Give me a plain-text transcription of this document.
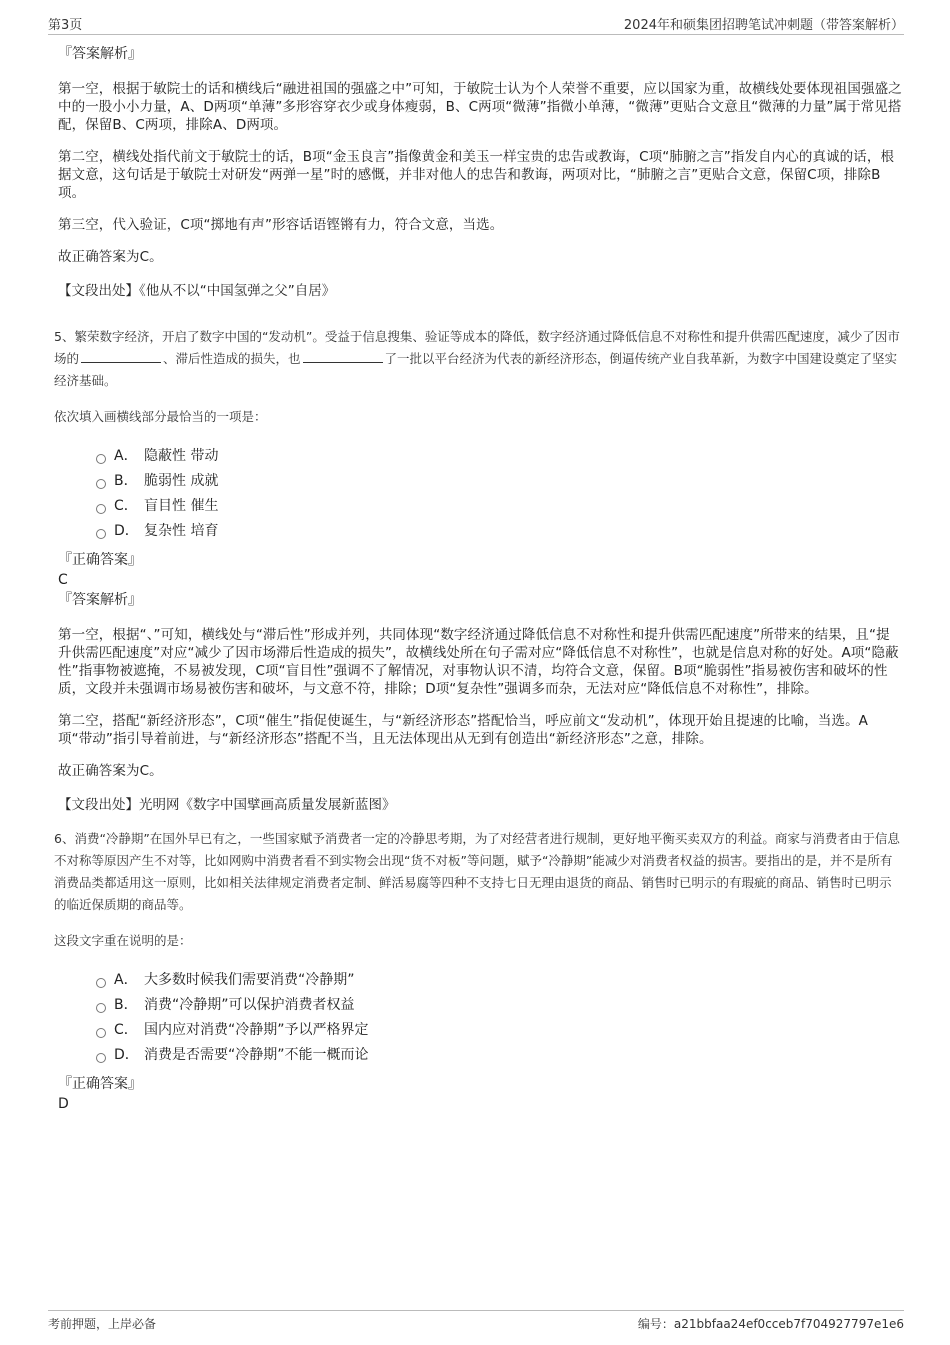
第3页	2024年和硕集团招聘笔试冲刺题（带答案解析）
『答案解析』
第一空，根据于敏院士的话和横线后“融进祖国的强盛之中”可知，于敏院士认为个人荣誉不重要，应以国家为重，故横线处要体现祖国强盛之中的一股小小力量，A、D两项“单薄”多形容穿衣少或身体瘦弱，B、C两项“微薄”指微小单薄，“微薄”更贴合文意且“微薄的力量”属于常见搭配，保留B、C两项，排除A、D两项。
第二空，横线处指代前文于敏院士的话，B项“金玉良言”指像黄金和美玉一样宝贵的忠告或教诲，C项“肺腑之言”指发自内心的真诚的话，根据文意，这句话是于敏院士对研发“两弹一星”时的感慨，并非对他人的忠告和教诲，两项对比，“肺腑之言”更贴合文意，保留C项，排除B项。
第三空，代入验证，C项“掷地有声”形容话语铿锵有力，符合文意，当选。
故正确答案为C。
【文段出处】《他从不以“中国氢弹之父”自居》
5、繁荣数字经济，开启了数字中国的“发动机”。受益于信息搜集、验证等成本的降低，数字经济通过降低信息不对称性和提升供需匹配速度，减少了因市场的	、滞后性造成的损失，也	了一批以平台经济为代表的新经济形态，倒逼传统产业自我革新，为数字中国建设奠定了坚实经济基础。
依次填入画横线部分最恰当的一项是：
A． 隐蔽性 带动
B． 脆弱性 成就
C． 盲目性 催生
D． 复杂性 培育
『正确答案』
C
『答案解析』
第一空，根据“、”可知，横线处与“滞后性”形成并列，共同体现“数字经济通过降低信息不对称性和提升供需匹配速度”所带来的结果，且“提升供需匹配速度”对应“减少了因市场滞后性造成的损失”，故横线处所在句子需对应“降低信息不对称性”，也就是信息对称的好处。A项“隐蔽性”指事物被遮掩，不易被发现，C项“盲目性”强调不了解情况，对事物认识不清，均符合文意，保留。B项“脆弱性”指易被伤害和破坏的性质，文段并未强调市场易被伤害和破坏，与文意不符，排除；D项“复杂性”强调多而杂，无法对应“降低信息不对称性”，排除。
第二空，搭配“新经济形态”，C项“催生”指促使诞生，与“新经济形态”搭配恰当，呼应前文“发动机”，体现开始且提速的比喻，当选。A项“带动”指引导着前进，与“新经济形态”搭配不当，且无法体现出从无到有创造出“新经济形态”之意，排除。
故正确答案为C。
【文段出处】光明网《数字中国擘画高质量发展新蓝图》
6、消费“冷静期”在国外早已有之，一些国家赋予消费者一定的冷静思考期，为了对经营者进行规制，更好地平衡买卖双方的利益。商家与消费者由于信息不对称等原因产生不对等，比如网购中消费者看不到实物会出现“货不对板”等问题，赋予“冷静期”能减少对消费者权益的损害。要指出的是，并不是所有消费品类都适用这一原则，比如相关法律规定消费者定制、鲜活易腐等四种不支持七日无理由退货的商品、销售时已明示的有瑕疵的商品、销售时已明示的临近保质期的商品等。
这段文字重在说明的是：
A． 大多数时候我们需要消费“冷静期”
B． 消费“冷静期”可以保护消费者权益
C． 国内应对消费“冷静期”予以严格界定
D． 消费是否需要“冷静期”不能一概而论
『正确答案』
D
考前押题，上岸必备	编号：a21bbfaa24ef0cceb7f704927797e1e6
